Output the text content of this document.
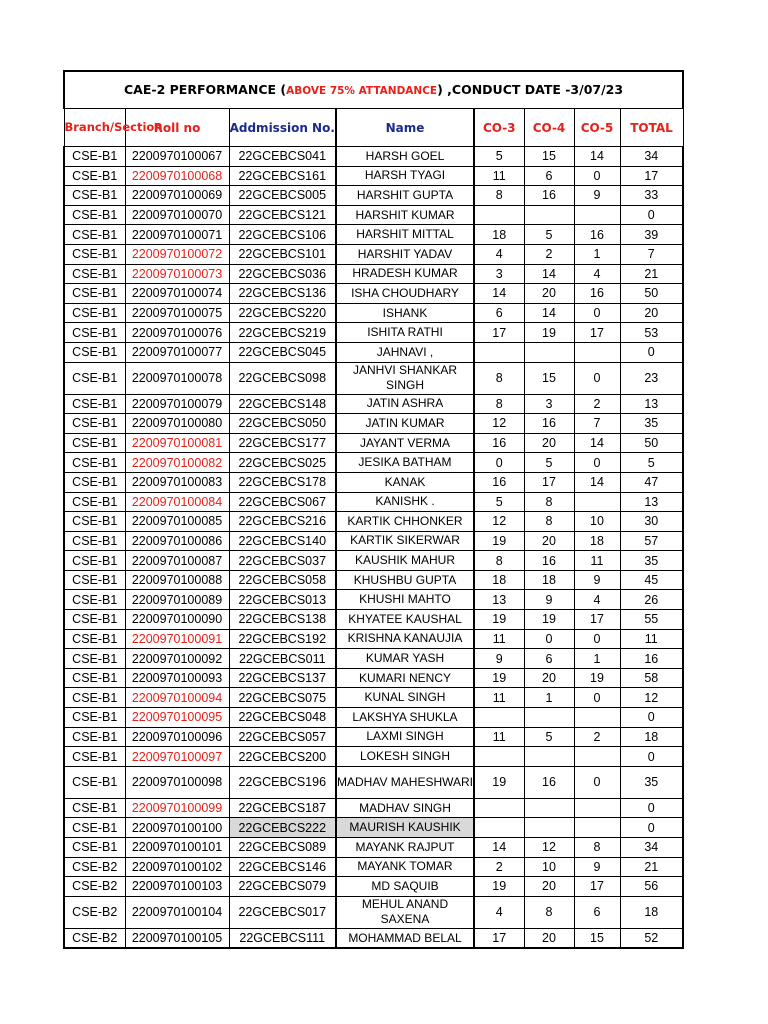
CAE-2 PERFORMANCE (ABOVE 75% ATTANDANCE) ,CONDUCT DATE -3/07/23							
Branch/Section	Roll no	Addmission No.	Name	CO-3	CO-4	CO-5	TOTAL
CSE-B1	2200970100067	22GCEBCS041	HARSH GOEL	5	15	14	34
CSE-B1	2200970100068	22GCEBCS161	HARSH TYAGI	11	6	0	17
CSE-B1	2200970100069	22GCEBCS005	HARSHIT GUPTA	8	16	9	33
CSE-B1	2200970100070	22GCEBCS121	HARSHIT KUMAR				0
CSE-B1	2200970100071	22GCEBCS106	HARSHIT MITTAL	18	5	16	39
CSE-B1	2200970100072	22GCEBCS101	HARSHIT YADAV	4	2	1	7
CSE-B1	2200970100073	22GCEBCS036	HRADESH KUMAR	3	14	4	21
CSE-B1	2200970100074	22GCEBCS136	ISHA CHOUDHARY	14	20	16	50
CSE-B1	2200970100075	22GCEBCS220	ISHANK	6	14	0	20
CSE-B1	2200970100076	22GCEBCS219	ISHITA RATHI	17	19	17	53
CSE-B1	2200970100077	22GCEBCS045	JAHNAVI ,				0
CSE-B1	2200970100078	22GCEBCS098	JANHVI SHANKAR SINGH	8	15	0	23
CSE-B1	2200970100079	22GCEBCS148	JATIN ASHRA	8	3	2	13
CSE-B1	2200970100080	22GCEBCS050	JATIN KUMAR	12	16	7	35
CSE-B1	2200970100081	22GCEBCS177	JAYANT VERMA	16	20	14	50
CSE-B1	2200970100082	22GCEBCS025	JESIKA BATHAM	0	5	0	5
CSE-B1	2200970100083	22GCEBCS178	KANAK	16	17	14	47
CSE-B1	2200970100084	22GCEBCS067	KANISHK .	5	8		13
CSE-B1	2200970100085	22GCEBCS216	KARTIK CHHONKER	12	8	10	30
CSE-B1	2200970100086	22GCEBCS140	KARTIK SIKERWAR	19	20	18	57
CSE-B1	2200970100087	22GCEBCS037	KAUSHIK MAHUR	8	16	11	35
CSE-B1	2200970100088	22GCEBCS058	KHUSHBU GUPTA	18	18	9	45
CSE-B1	2200970100089	22GCEBCS013	KHUSHI MAHTO	13	9	4	26
CSE-B1	2200970100090	22GCEBCS138	KHYATEE KAUSHAL	19	19	17	55
CSE-B1	2200970100091	22GCEBCS192	KRISHNA KANAUJIA	11	0	0	11
CSE-B1	2200970100092	22GCEBCS011	KUMAR YASH	9	6	1	16
CSE-B1	2200970100093	22GCEBCS137	KUMARI NENCY	19	20	19	58
CSE-B1	2200970100094	22GCEBCS075	KUNAL SINGH	11	1	0	12
CSE-B1	2200970100095	22GCEBCS048	LAKSHYA SHUKLA				0
CSE-B1	2200970100096	22GCEBCS057	LAXMI SINGH	11	5	2	18
CSE-B1	2200970100097	22GCEBCS200	LOKESH SINGH				0
CSE-B1	2200970100098	22GCEBCS196	MADHAV MAHESHWARI	19	16	0	35
CSE-B1	2200970100099	22GCEBCS187	MADHAV SINGH				0
CSE-B1	2200970100100	22GCEBCS222	MAURISH KAUSHIK				0
CSE-B1	2200970100101	22GCEBCS089	MAYANK RAJPUT	14	12	8	34
CSE-B2	2200970100102	22GCEBCS146	MAYANK TOMAR	2	10	9	21
CSE-B2	2200970100103	22GCEBCS079	MD SAQUIB	19	20	17	56
CSE-B2	2200970100104	22GCEBCS017	MEHUL ANAND SAXENA	4	8	6	18
CSE-B2	2200970100105	22GCEBCS111	MOHAMMAD BELAL	17	20	15	52
